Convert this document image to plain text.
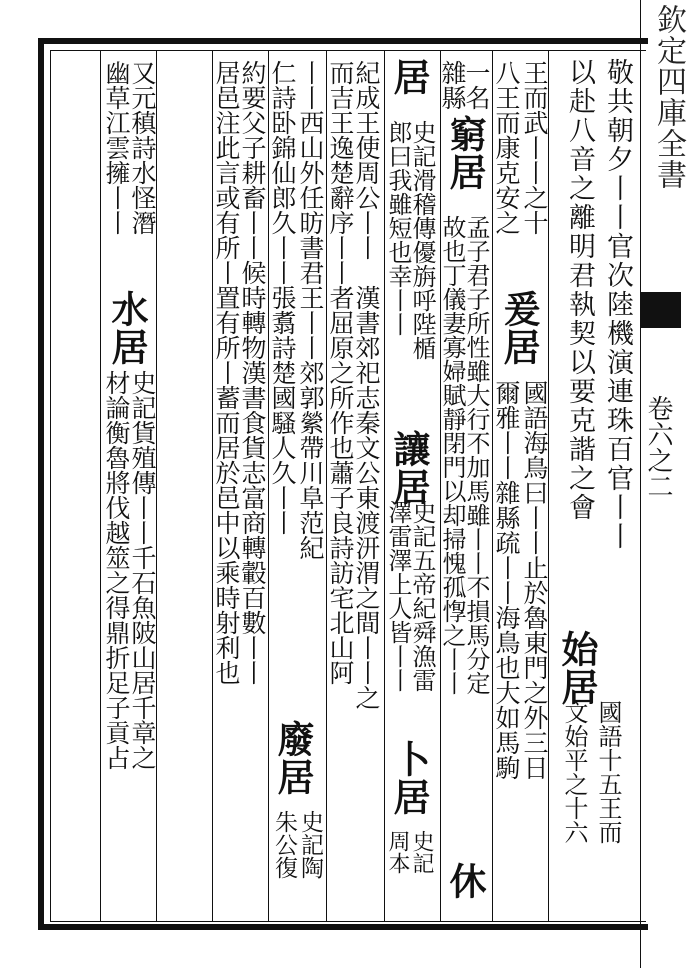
欽定四庫全書
卷六之二
敬共朝夕丨丨官次陸機演連珠百官丨丨
以赴八音之離明君執契以要克諧之會
始居
國語十五王而
文始平之十六
王而武丨丨之十
八王而康克安之
爰居
國語海鳥曰丨丨止於魯東門之外三日
爾雅丨丨雜縣疏丨丨海鳥也大如馬駒
一名
雜縣
窮居
孟子君子所性雖大行不加馬雖丨丨不損馬分定
故也丁儀妻寡婦賦靜閉門以却掃愧孤惸之丨丨
休
居
史記滑稽傳優旃呼陛楯
郎曰我雖短也幸丨丨
讓居
史記五帝紀舜漁雷
澤雷澤上人皆丨丨
卜居
史記
周本
紀成王使周公丨丨　漢書郊祀志秦文公東渡汧渭之間丨丨之
而吉王逸楚辭序丨丨者屈原之所作也蕭子良詩訪宅北山阿
丨丨西山外任昉書君王丨丨郊郭縈帶川阜范紀
仁詩卧錦仙郎久丨丨張翥詩楚國騷人久丨丨
廢居
史記陶
朱公復
約要父子耕畜丨丨候時轉物漢書食貨志富商轉轂百數丨丨
居邑注此言或有所丨置有所丨蓄而居於邑中以乘時射利也
又元稹詩水怪潛
幽草江雲擁丨丨
水居
史記貨殖傳丨丨千石魚陂山居千章之
材論衡魯將伐越筮之得鼎折足子貢占
